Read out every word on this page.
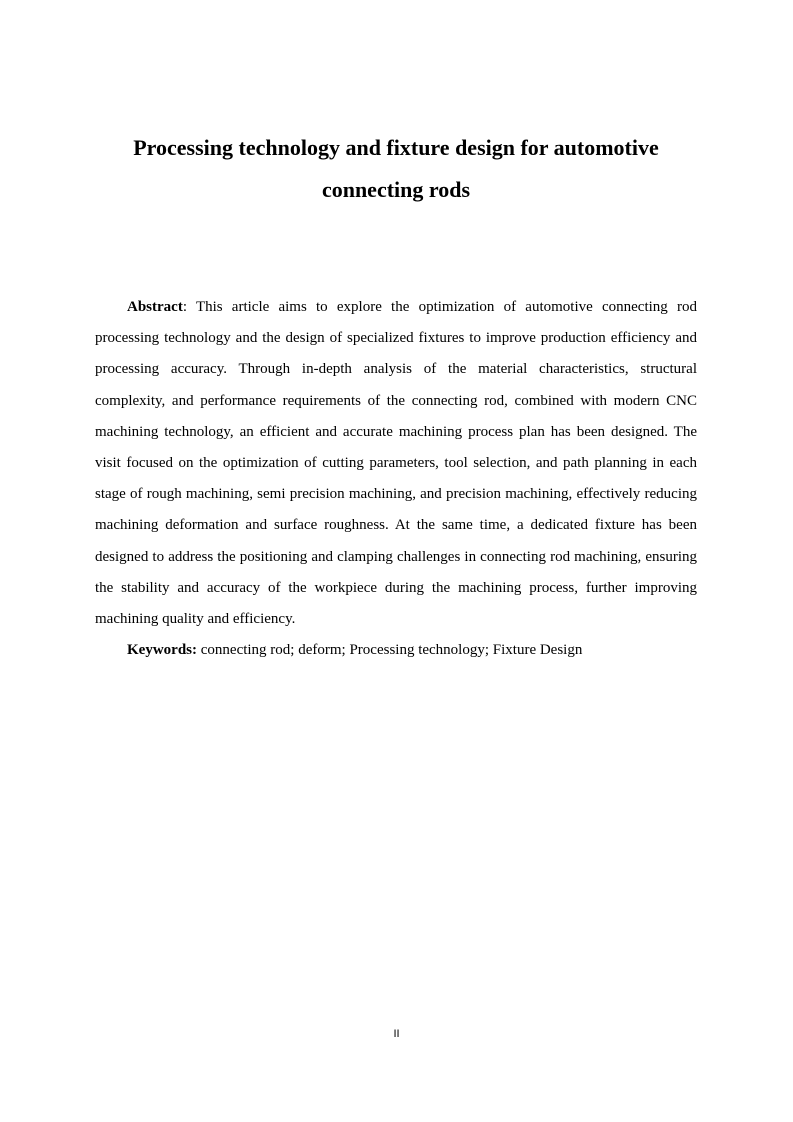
Processing technology and fixture design for automotive
connecting rods

Abstract: This article aims to explore the optimization of automotive connecting rod processing technology and the design of specialized fixtures to improve production efficiency and processing accuracy. Through in-depth analysis of the material characteristics, structural complexity, and performance requirements of the connecting rod, combined with modern CNC machining technology, an efficient and accurate machining process plan has been designed. The visit focused on the optimization of cutting parameters, tool selection, and path planning in each stage of rough machining, semi precision machining, and precision machining, effectively reducing machining deformation and surface roughness. At the same time, a dedicated fixture has been designed to address the positioning and clamping challenges in connecting rod machining, ensuring the stability and accuracy of the workpiece during the machining process, further improving machining quality and efficiency.

Keywords: connecting rod; deform; Processing technology; Fixture Design

II
